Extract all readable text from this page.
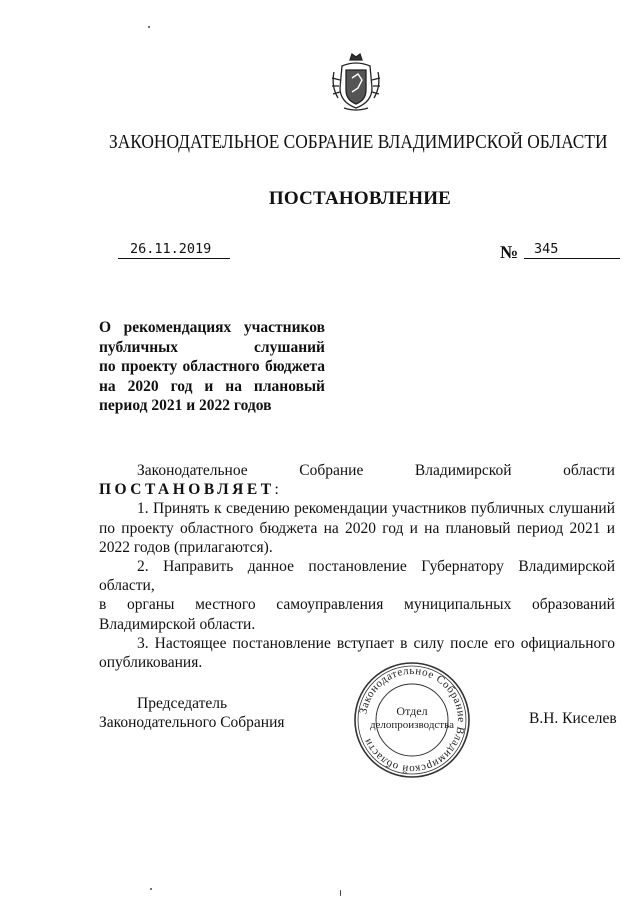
ЗАКОНОДАТЕЛЬНОЕ СОБРАНИЕ ВЛАДИМИРСКОЙ ОБЛАСТИ
ПОСТАНОВЛЕНИЕ
26.11.2019	№	345
О рекомендациях участников
публичных слушаний
по проекту областного бюджета
на 2020 год и на плановый
период 2021 и 2022 годов

Законодательное	Собрание	Владимирской	области

ПОСТАНОВЛЯЕТ:

1. Принять к сведению рекомендации участников публичных слушаний по проекту областного бюджета на 2020 год и на плановый период 2021 и 2022 годов (прилагаются).

2. Направить данное постановление Губернатору Владимирской области,

в органы местного самоуправления муниципальных образований

Владимирской области.

3. Настоящее постановление вступает в силу после его официального опубликования.

Председатель
Законодательного Собрания
Законодательное Собрание Владимирской области
Отдел
делопроизводства	В.Н. Киселев
